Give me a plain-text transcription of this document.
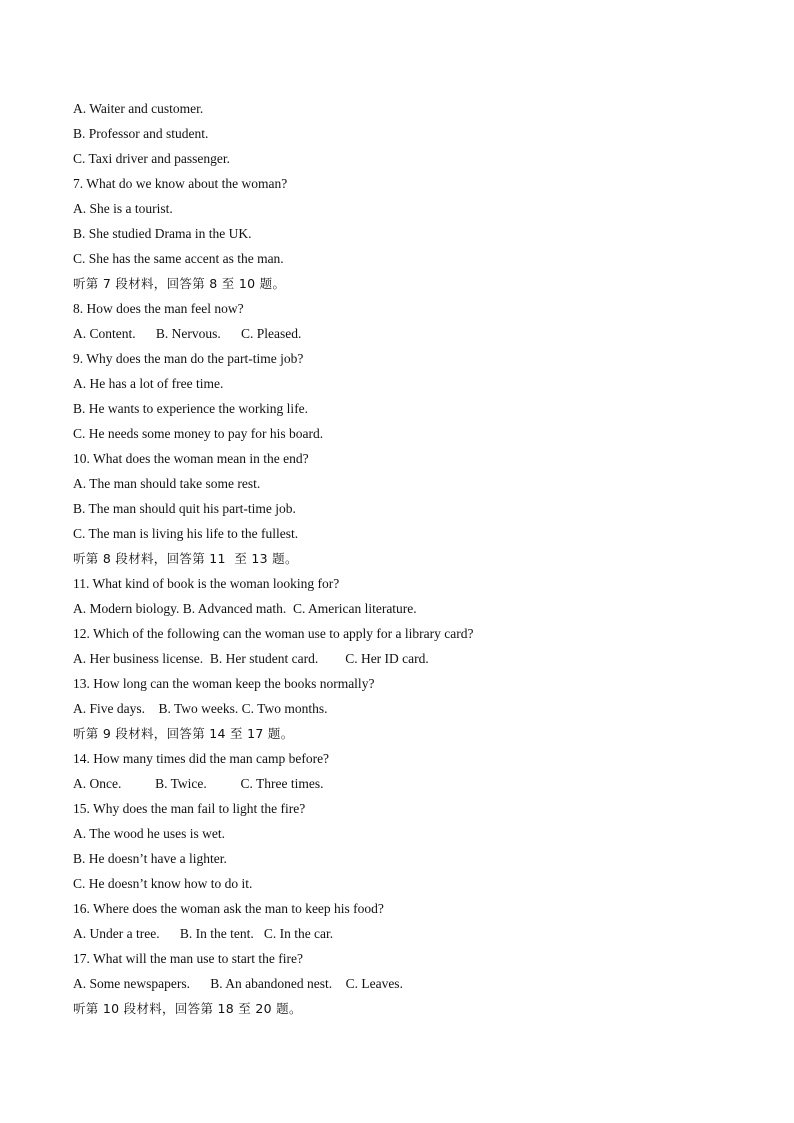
A. Waiter and customer.
B. Professor and student.
C. Taxi driver and passenger.
7. What do we know about the woman?
A. She is a tourist.
B. She studied Drama in the UK.
C. She has the same accent as the man.
听第 7 段材料，回答第 8 至 10 题。
8. How does the man feel now?
A. Content.      B. Nervous.      C. Pleased.
9. Why does the man do the part-time job?
A. He has a lot of free time.
B. He wants to experience the working life.
C. He needs some money to pay for his board.
10. What does the woman mean in the end?
A. The man should take some rest.
B. The man should quit his part-time job.
C. The man is living his life to the fullest.
听第 8 段材料，回答第 11  至 13 题。
11. What kind of book is the woman looking for?
A. Modern biology. B. Advanced math.  C. American literature.
12. Which of the following can the woman use to apply for a library card?
A. Her business license.  B. Her student card.        C. Her ID card.
13. How long can the woman keep the books normally?
A. Five days.    B. Two weeks. C. Two months.
听第 9 段材料，回答第 14 至 17 题。
14. How many times did the man camp before?
A. Once.          B. Twice.          C. Three times.
15. Why does the man fail to light the fire?
A. The wood he uses is wet.
B. He doesn’t have a lighter.
C. He doesn’t know how to do it.
16. Where does the woman ask the man to keep his food?
A. Under a tree.      B. In the tent.   C. In the car.
17. What will the man use to start the fire?
A. Some newspapers.      B. An abandoned nest.    C. Leaves.
听第 10 段材料，回答第 18 至 20 题。
